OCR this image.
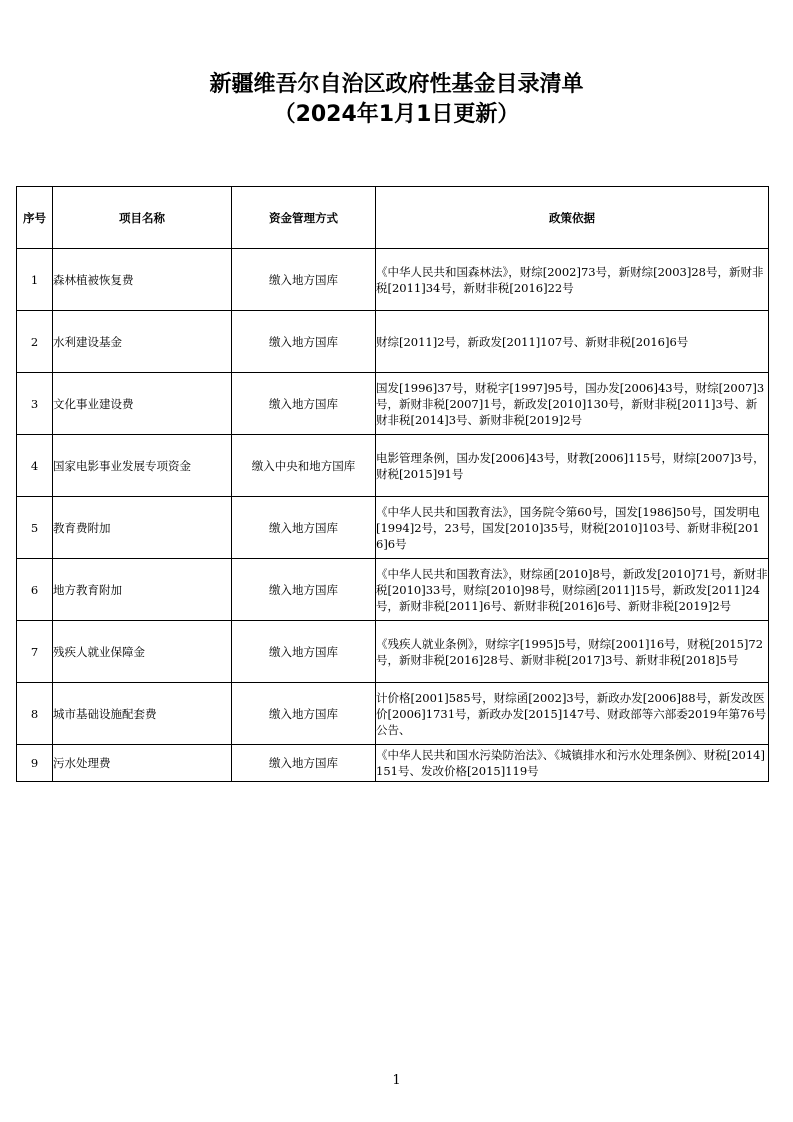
新疆维吾尔自治区政府性基金目录清单
（2024年1月1日更新）
序号	项目名称	资金管理方式	政策依据
1	森林植被恢复费	缴入地方国库	《中华人民共和国森林法》，财综[2002]73号，新财综[2003]28号，新财非税[2011]34号，新财非税[2016]22号
2	水利建设基金	缴入地方国库	财综[2011]2号，新政发[2011]107号、新财非税[2016]6号
3	文化事业建设费	缴入地方国库	国发[1996]37号，财税字[1997]95号，国办发[2006]43号，财综[2007]3号，新财非税[2007]1号，新政发[2010]130号，新财非税[2011]3号、新财非税[2014]3号、新财非税[2019]2号
4	国家电影事业发展专项资金	缴入中央和地方国库	电影管理条例，国办发[2006]43号，财教[2006]115号，财综[2007]3号，财税[2015]91号
5	教育费附加	缴入地方国库	《中华人民共和国教育法》，国务院令第60号，国发[1986]50号，国发明电[1994]2号，23号，国发[2010]35号，财税[2010]103号、新财非税[2016]6号
6	地方教育附加	缴入地方国库	《中华人民共和国教育法》，财综函[2010]8号，新政发[2010]71号，新财非税[2010]33号，财综[2010]98号，财综函[2011]15号，新政发[2011]24号，新财非税[2011]6号、新财非税[2016]6号、新财非税[2019]2号
7	残疾人就业保障金	缴入地方国库	《残疾人就业条例》，财综字[1995]5号，财综[2001]16号，财税[2015]72号，新财非税[2016]28号、新财非税[2017]3号、新财非税[2018]5号
8	城市基础设施配套费	缴入地方国库	计价格[2001]585号，财综函[2002]3号，新政办发[2006]88号，新发改医价[2006]1731号，新政办发[2015]147号、财政部等六部委2019年第76号公告、
9	污水处理费	缴入地方国库	《中华人民共和国水污染防治法》、《城镇排水和污水处理条例》、财税[2014]151号、发改价格[2015]119号
1
